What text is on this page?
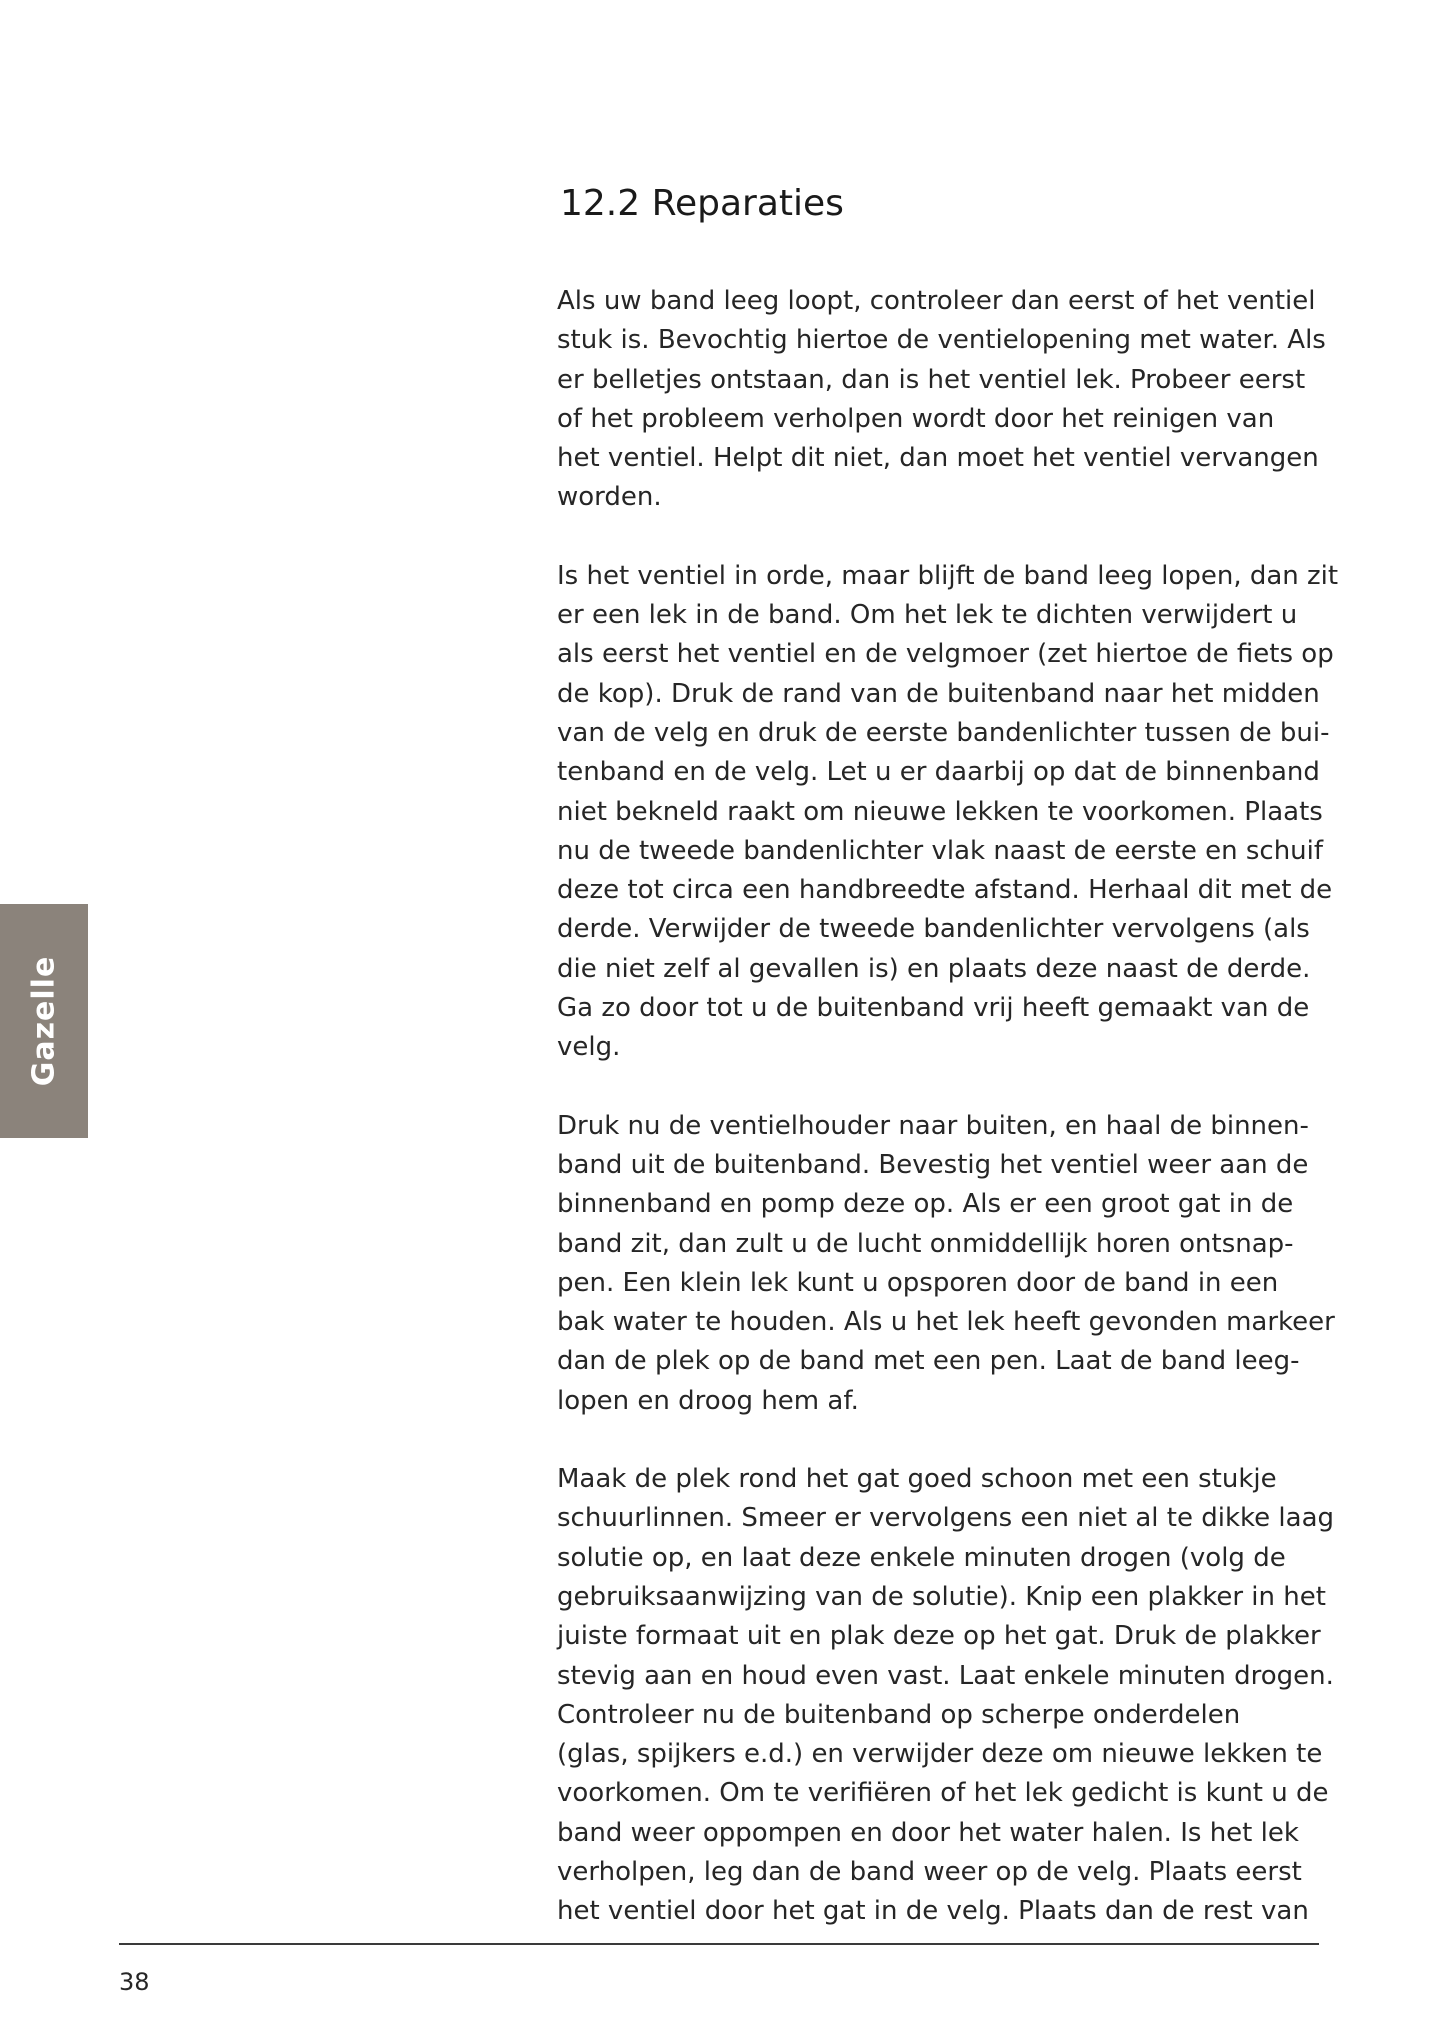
Gazelle
12.2 Reparaties

Als uw band leeg loopt, controleer dan eerst of het ventiel
stuk is. Bevochtig hiertoe de ventielopening met water. Als
er belletjes ontstaan, dan is het ventiel lek. Probeer eerst
of het probleem verholpen wordt door het reinigen van
het ventiel. Helpt dit niet, dan moet het ventiel vervangen
worden.

Is het ventiel in orde, maar blijft de band leeg lopen, dan zit
er een lek in de band. Om het lek te dichten verwijdert u
als eerst het ventiel en de velgmoer (zet hiertoe de fiets op
de kop). Druk de rand van de buitenband naar het midden
van de velg en druk de eerste bandenlichter tussen de bui-
tenband en de velg. Let u er daarbij op dat de binnenband
niet bekneld raakt om nieuwe lekken te voorkomen. Plaats
nu de tweede bandenlichter vlak naast de eerste en schuif
deze tot circa een handbreedte afstand. Herhaal dit met de
derde. Verwijder de tweede bandenlichter vervolgens (als
die niet zelf al gevallen is) en plaats deze naast de derde.
Ga zo door tot u de buitenband vrij heeft gemaakt van de
velg.

Druk nu de ventielhouder naar buiten, en haal de binnen-
band uit de buitenband. Bevestig het ventiel weer aan de
binnenband en pomp deze op. Als er een groot gat in de
band zit, dan zult u de lucht onmiddellijk horen ontsnap-
pen. Een klein lek kunt u opsporen door de band in een
bak water te houden. Als u het lek heeft gevonden markeer
dan de plek op de band met een pen. Laat de band leeg-
lopen en droog hem af.

Maak de plek rond het gat goed schoon met een stukje
schuurlinnen. Smeer er vervolgens een niet al te dikke laag
solutie op, en laat deze enkele minuten drogen (volg de
gebruiksaanwijzing van de solutie). Knip een plakker in het
juiste formaat uit en plak deze op het gat. Druk de plakker
stevig aan en houd even vast. Laat enkele minuten drogen.
Controleer nu de buitenband op scherpe onderdelen
(glas, spijkers e.d.) en verwijder deze om nieuwe lekken te
voorkomen. Om te verifiëren of het lek gedicht is kunt u de
band weer oppompen en door het water halen. Is het lek
verholpen, leg dan de band weer op de velg. Plaats eerst
het ventiel door het gat in de velg. Plaats dan de rest van

38
